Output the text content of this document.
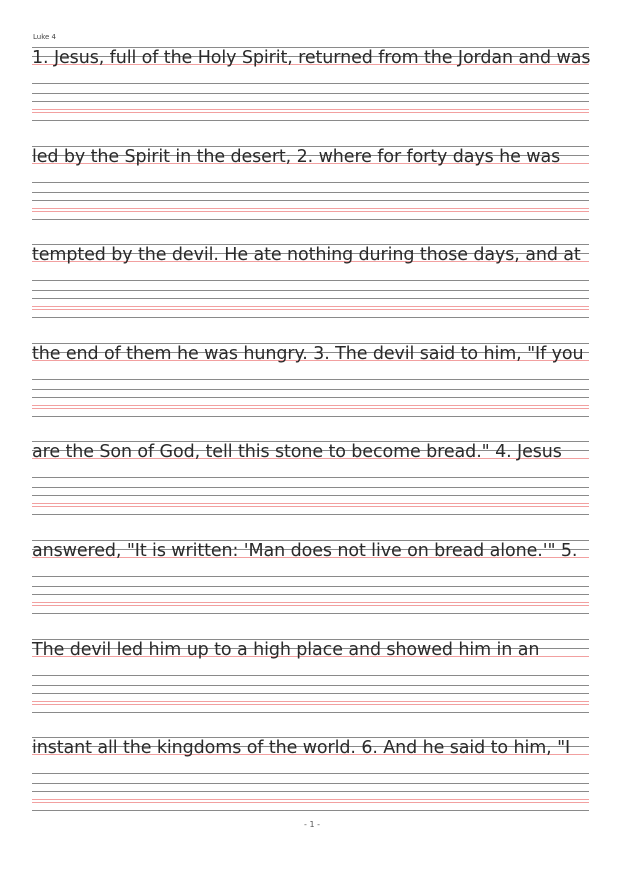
Luke 4
1. Jesus, full of the Holy Spirit, returned from the Jordan and was
led by the Spirit in the desert, 2. where for forty days he was
tempted by the devil. He ate nothing during those days, and at
the end of them he was hungry. 3. The devil said to him, "If you
are the Son of God, tell this stone to become bread." 4. Jesus
answered, "It is written: 'Man does not live on bread alone.'" 5.
The devil led him up to a high place and showed him in an
instant all the kingdoms of the world. 6. And he said to him, "I
- 1 -
